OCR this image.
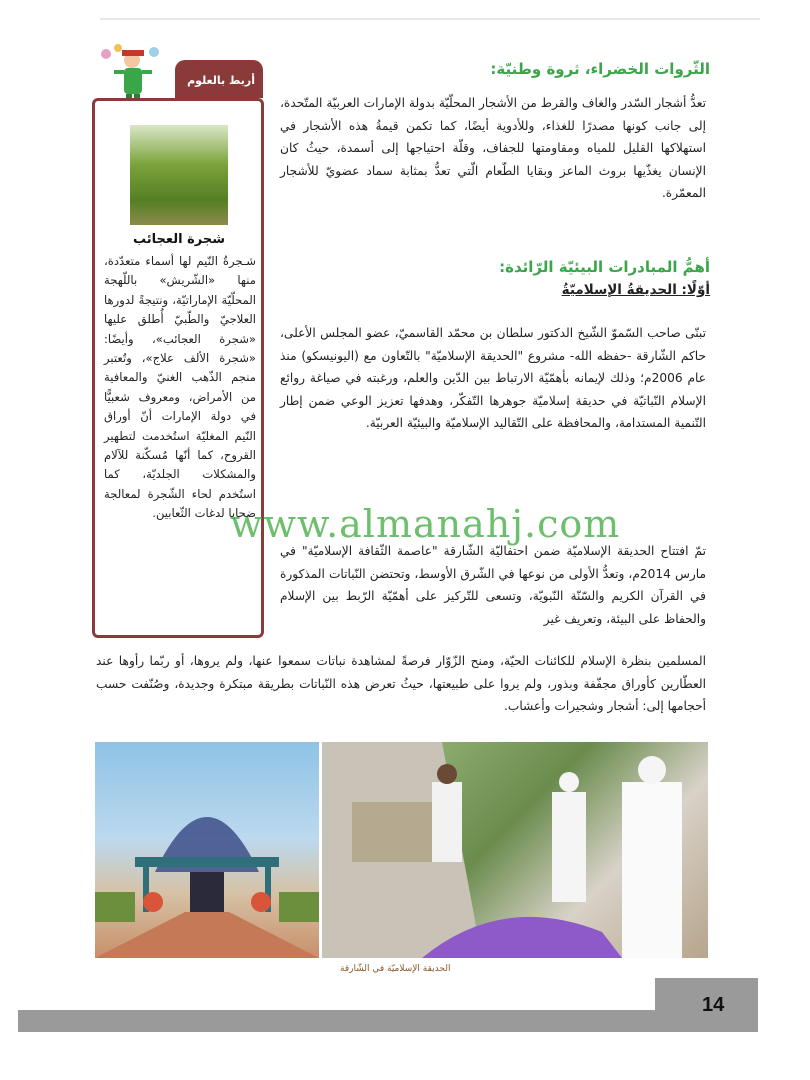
أربط بالعلوم
شجرة العجائب
شـجرةُ النّيم لها أسماء متعدّدة، منها «الشّريش» باللّهجة المحلّيّة الإماراتيّة، ونتيجةً لدورها العلاجيّ والطّبيّ أُطلق عليها «شجرة العجائب»، وأيضًا: «شجرة الألف علاج»، وتُعتبر منجم الذّهب الغنيّ والمعافية من الأمراض، ومعروف شعبيًّا في دولة الإمارات أنّ أوراق النّيم المغليّة استُخدمت لتطهير القروح، كما أنّها مُسكّنة للآلام والمشكلات الجلديّة، كما استُخدم لحاء الشّجرة لمعالجة ضحايا لدغات الثّعابين.
الثّروات الخضراء، ثروة وطنيّة:
تعدُّ أشجار السّدر والغاف والقرط من الأشجار المحلّيّة بدولة الإمارات العربيّة المتّحدة، إلى جانب كونها مصدرًا للغذاء، وللأدوية أيضًا، كما تكمن قيمةُ هذه الأشجار في استهلاكها القليل للمياه ومقاومتها للجفاف، وقلّة احتياجها إلى أسمدة، حيثُ كان الإنسان يغذّيها بروث الماعز وبقايا الطّعام الّتي تعدُّ بمثابة سماد عضويّ للأشجار المعمّرة.
أهمُّ المبادرات البيئيّة الرّائدة:
أوّلًا: الحديقةُ الإسلاميّةُ
تبنّى صاحب السّموّ الشّيخ الدكتور سلطان بن محمّد القاسميّ، عضو المجلس الأعلى، حاكم الشّارقة -حفظه الله- مشروع "الحديقة الإسلاميّة" بالتّعاون مع (اليونيسكو) منذ عام 2006م؛ وذلك لإيمانه بأهمّيّة الارتباط بين الدّين والعلم، ورغبته في صياغة روائع الإسلام النّباتيّة في حديقة إسلاميّة جوهرها التّفكّر، وهدفها تعزيز الوعي ضمن إطار التّنمية المستدامة، والمحافظة على التّقاليد الإسلاميّة والبيئيّة العربيّة.
تمّ افتتاح الحديقة الإسلاميّة ضمن احتفاليّة الشّارقة "عاصمة الثّقافة الإسلاميّة" في مارس 2014م، وتعدُّ الأولى من نوعها في الشّرق الأوسط، وتحتضن النّباتات المذكورة في القرآن الكريم والسّنّة النّبويّة، وتسعى للتّركيز على أهمّيّة الرّبط بين الإسلام والحفاظ على البيئة، وتعريف غير
المسلمين بنظرة الإسلام للكائنات الحيّة، ومنح الزّوّار فرصةً لمشاهدة نباتات سمعوا عنها، ولم يروها، أو ربّما رأوها عند العطّارين كأوراق مجفّفة وبذور، ولم يروا على طبيعتها، حيثُ تعرض هذه النّباتات بطريقة مبتكرة وجديدة، وصُنّفت حسب أحجامها إلى: أشجار وشجيرات وأعشاب.
www.almanahj.com
الحديقة الإسلاميّة في الشّارقة
14
